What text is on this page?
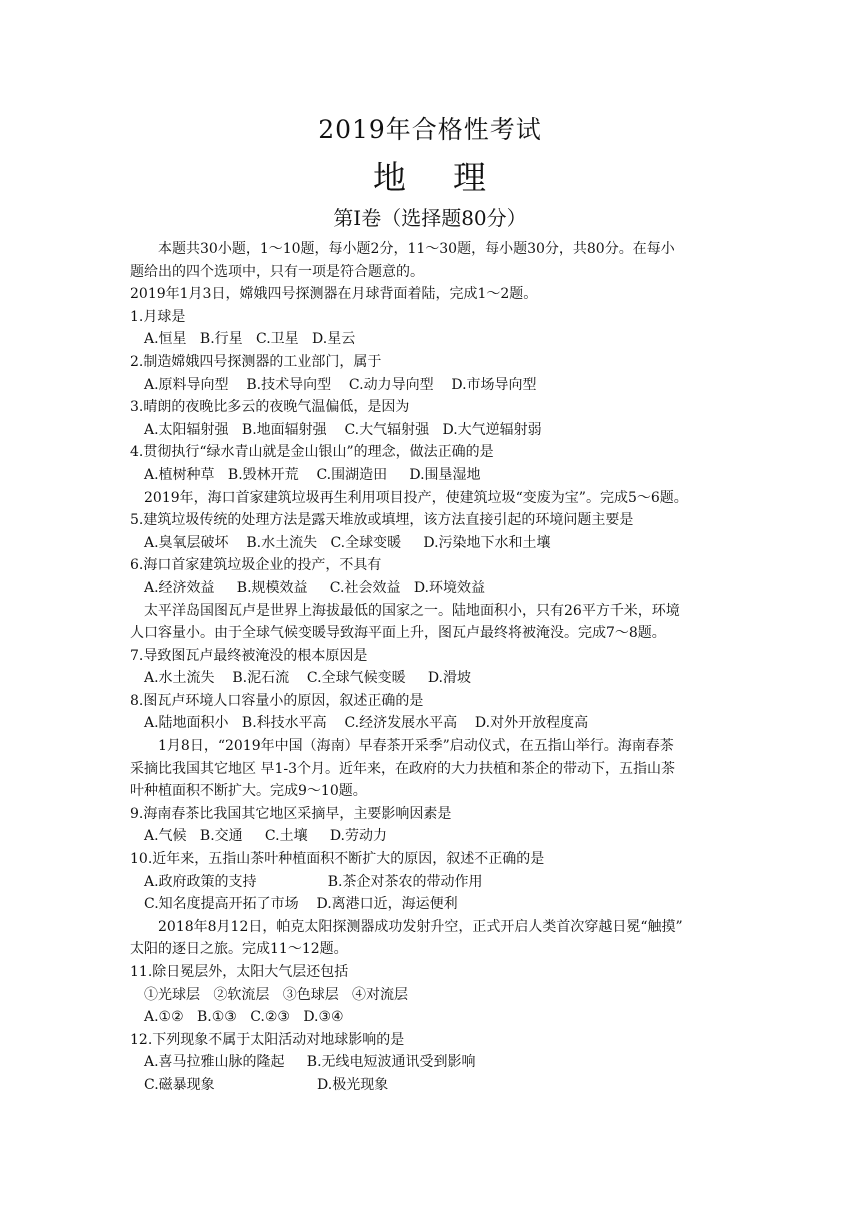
2019年合格性考试
地    理
第Ⅰ卷（选择题80分）
本题共30小题，1～10题，每小题2分，11～30题，每小题30分，共80分。在每小
题给出的四个选项中，只有一项是符合题意的。
2019年1月3日，嫦娥四号探测器在月球背面着陆，完成1～2题。
1.月球是
A.恒星   B.行星   C.卫星   D.星云
2.制造嫦娥四号探测器的工业部门，属于
A.原料导向型    B.技术导向型    C.动力导向型    D.市场导向型
3.晴朗的夜晚比多云的夜晚气温偏低，是因为
A.太阳辐射强   B.地面辐射强    C.大气辐射强   D.大气逆辐射弱
4.贯彻执行“绿水青山就是金山银山”的理念，做法正确的是
A.植树种草   B.毁林开荒    C.围湖造田     D.围垦湿地
2019年，海口首家建筑垃圾再生利用项目投产，使建筑垃圾“变废为宝”。完成5～6题。
5.建筑垃圾传统的处理方法是露天堆放或填埋，该方法直接引起的环境问题主要是
A.臭氧层破坏    B.水土流失   C.全球变暖     D.污染地下水和土壤
6.海口首家建筑垃圾企业的投产，不具有
A.经济效益     B.规模效益     C.社会效益   D.环境效益
太平洋岛国图瓦卢是世界上海拔最低的国家之一。陆地面积小，只有26平方千米，环境
人口容量小。由于全球气候变暖导致海平面上升，图瓦卢最终将被淹没。完成7～8题。
7.导致图瓦卢最终被淹没的根本原因是
A.水土流失    B.泥石流    C.全球气候变暖     D.滑坡
8.图瓦卢环境人口容量小的原因，叙述正确的是
A.陆地面积小   B.科技水平高    C.经济发展水平高    D.对外开放程度高
1月8日，“2019年中国（海南）早春茶开采季”启动仪式，在五指山举行。海南春茶
采摘比我国其它地区 早1-3个月。近年来，在政府的大力扶植和茶企的带动下，五指山茶
叶种植面积不断扩大。完成9～10题。
9.海南春茶比我国其它地区采摘早，主要影响因素是
A.气候   B.交通     C.土壤     D.劳动力
10.近年来，五指山茶叶种植面积不断扩大的原因，叙述不正确的是
A.政府政策的支持                B.茶企对茶农的带动作用
C.知名度提高开拓了市场    D.离港口近，海运便利
2018年8月12日，帕克太阳探测器成功发射升空，正式开启人类首次穿越日冕“触摸”
太阳的逐日之旅。完成11～12题。
11.除日冕层外，太阳大气层还包括
①光球层   ②软流层   ③色球层   ④对流层
A.①②   B.①③   C.②③   D.③④
12.下列现象不属于太阳活动对地球影响的是
A.喜马拉雅山脉的隆起     B.无线电短波通讯受到影响
C.磁暴现象                       D.极光现象
